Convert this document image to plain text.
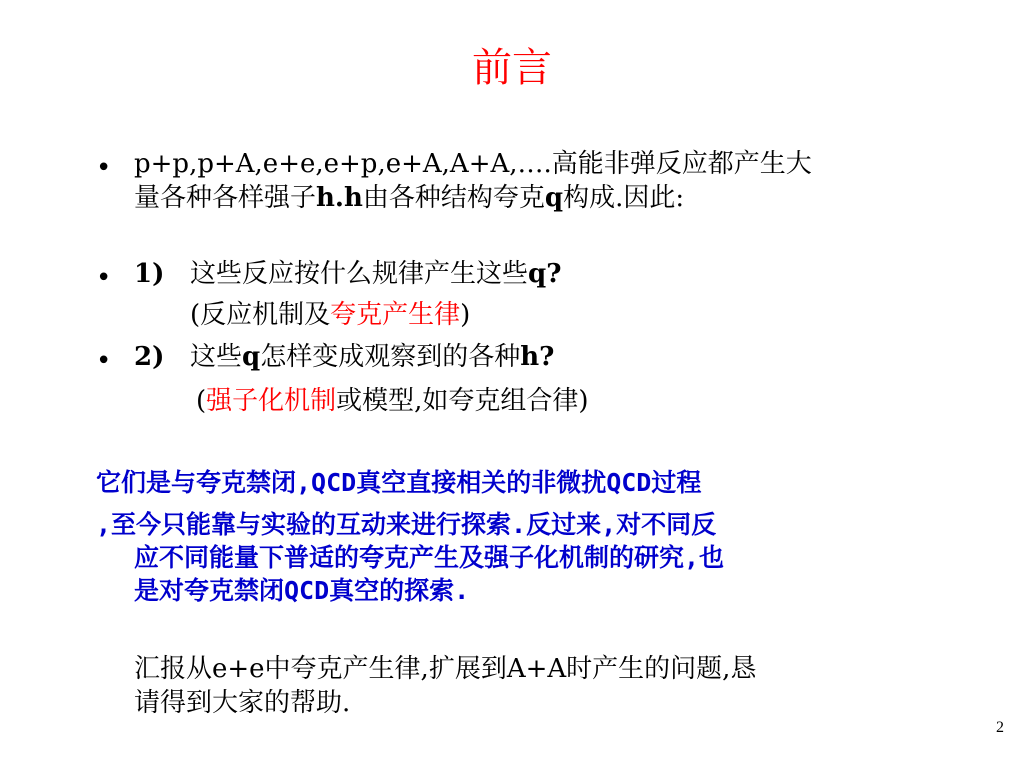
前言
• p+p,p+A,e+e,e+p,e+A,A+A,….高能非弹反应都产生大
量各种各样强子h.h由各种结构夸克q构成.因此:
• 1) 这些反应按什么规律产生这些q?
(反应机制及夸克产生律)
• 2) 这些q怎样变成观察到的各种h?
(强子化机制或模型,如夸克组合律)
它们是与夸克禁闭,QCD真空直接相关的非微扰QCD过程
,至今只能靠与实验的互动来进行探索.反过来,对不同反
应不同能量下普适的夸克产生及强子化机制的研究,也
是对夸克禁闭QCD真空的探索.
汇报从e+e中夸克产生律,扩展到A+A时产生的问题,恳
请得到大家的帮助.
2
